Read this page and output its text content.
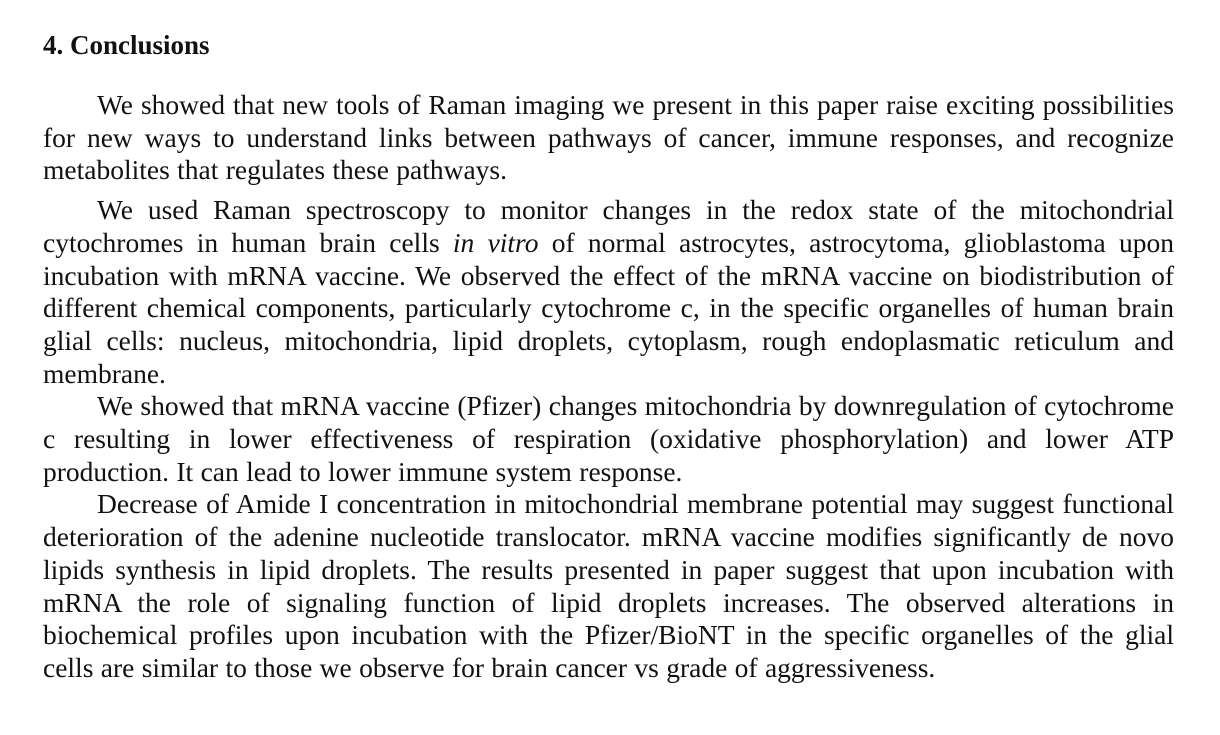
4. Conclusions

We showed that new tools of Raman imaging we present in this paper raise exciting possibilities for new ways to understand links between pathways of cancer, immune responses, and recognize metabolites that regulates these pathways.

We used Raman spectroscopy to monitor changes in the redox state of the mitochondrial cytochromes in human brain cells in vitro of normal astrocytes, astrocytoma, glioblastoma upon incubation with mRNA vaccine. We observed the effect of the mRNA vaccine on biodistribution of different chemical components, particularly cytochrome c, in the specific organelles of human brain glial cells: nucleus, mitochondria, lipid droplets, cytoplasm, rough endoplasmatic reticulum and membrane.

We showed that mRNA vaccine (Pfizer) changes mitochondria by downregulation of cytochrome c resulting in lower effectiveness of respiration (oxidative phosphorylation) and lower ATP production. It can lead to lower immune system response.

Decrease of Amide I concentration in mitochondrial membrane potential may suggest functional deterioration of the adenine nucleotide translocator. mRNA vaccine modifies significantly de novo lipids synthesis in lipid droplets. The results presented in paper suggest that upon incubation with mRNA the role of signaling function of lipid droplets increases. The observed alterations in biochemical profiles upon incubation with the Pfizer/BioNT in the specific organelles of the glial cells are similar to those we observe for brain cancer vs grade of aggressiveness.
